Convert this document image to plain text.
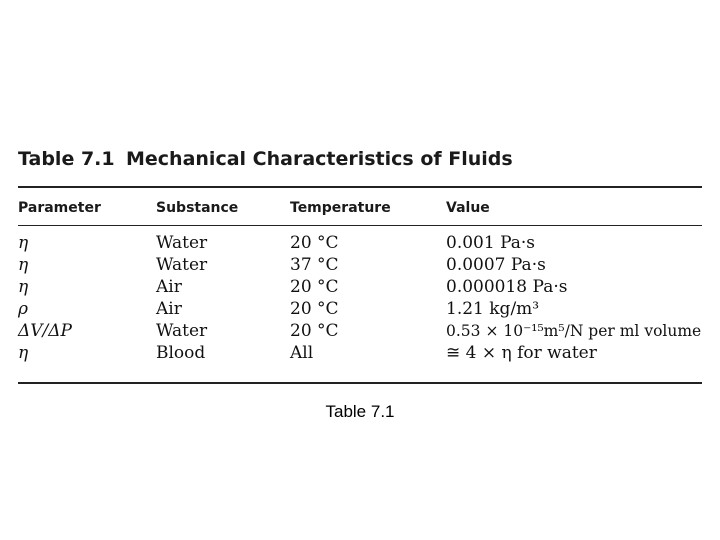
Table 7.1 Mechanical Characteristics of Fluids
Parameter	Substance	Temperature	Value
η	Water	20 °C	0.001 Pa·s
η	Water	37 °C	0.0007 Pa·s
η	Air	20 °C	0.000018 Pa·s
ρ	Air	20 °C	1.21 kg/m³
ΔV/ΔP	Water	20 °C	0.53 × 10⁻¹⁵m⁵/N per ml volume
η	Blood	All	≅ 4 × η for water
Table 7.1
